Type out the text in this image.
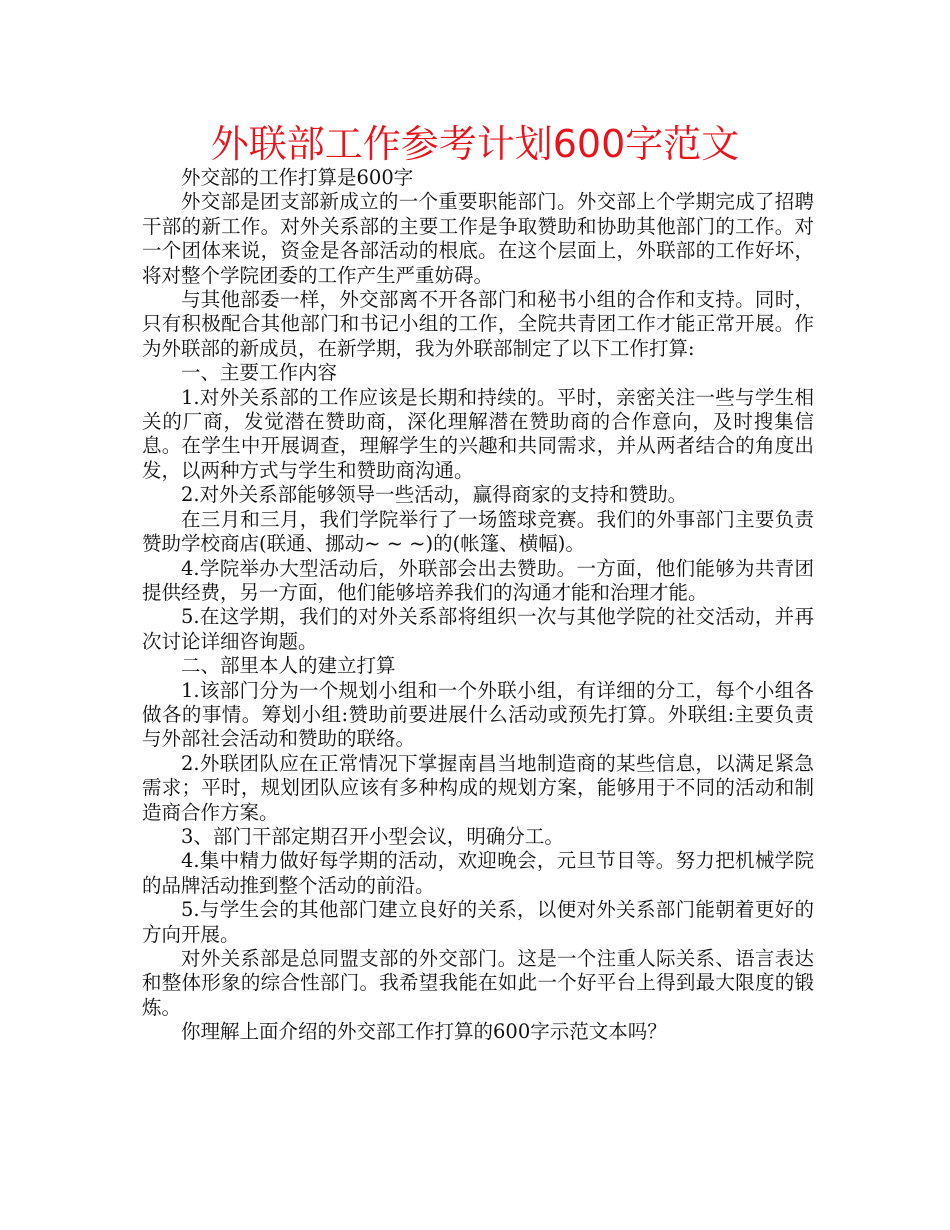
外联部工作参考计划600字范文

外交部的工作打算是600字

外交部是团支部新成立的一个重要职能部门。外交部上个学期完成了招聘干部的新工作。对外关系部的主要工作是争取赞助和协助其他部门的工作。对一个团体来说，资金是各部活动的根底。在这个层面上，外联部的工作好坏，将对整个学院团委的工作产生严重妨碍。

与其他部委一样，外交部离不开各部门和秘书小组的合作和支持。同时，只有积极配合其他部门和书记小组的工作，全院共青团工作才能正常开展。作为外联部的新成员，在新学期，我为外联部制定了以下工作打算:

一、主要工作内容

1.对外关系部的工作应该是长期和持续的。平时，亲密关注一些与学生相关的厂商，发觉潜在赞助商，深化理解潜在赞助商的合作意向，及时搜集信息。在学生中开展调查，理解学生的兴趣和共同需求，并从两者结合的角度出发，以两种方式与学生和赞助商沟通。

2.对外关系部能够领导一些活动，赢得商家的支持和赞助。

在三月和三月，我们学院举行了一场篮球竞赛。我们的外事部门主要负责赞助学校商店(联通、挪动~ ~ ~)的(帐篷、横幅)。

4.学院举办大型活动后，外联部会出去赞助。一方面，他们能够为共青团提供经费，另一方面，他们能够培养我们的沟通才能和治理才能。

5.在这学期，我们的对外关系部将组织一次与其他学院的社交活动，并再次讨论详细咨询题。

二、部里本人的建立打算

1.该部门分为一个规划小组和一个外联小组，有详细的分工，每个小组各做各的事情。筹划小组:赞助前要进展什么活动或预先打算。外联组:主要负责与外部社会活动和赞助的联络。

2.外联团队应在正常情况下掌握南昌当地制造商的某些信息，以满足紧急需求；平时，规划团队应该有多种构成的规划方案，能够用于不同的活动和制造商合作方案。

3、部门干部定期召开小型会议，明确分工。

4.集中精力做好每学期的活动，欢迎晚会，元旦节目等。努力把机械学院的品牌活动推到整个活动的前沿。

5.与学生会的其他部门建立良好的关系，以便对外关系部门能朝着更好的方向开展。

对外关系部是总同盟支部的外交部门。这是一个注重人际关系、语言表达和整体形象的综合性部门。我希望我能在如此一个好平台上得到最大限度的锻炼。

你理解上面介绍的外交部工作打算的600字示范文本吗？
